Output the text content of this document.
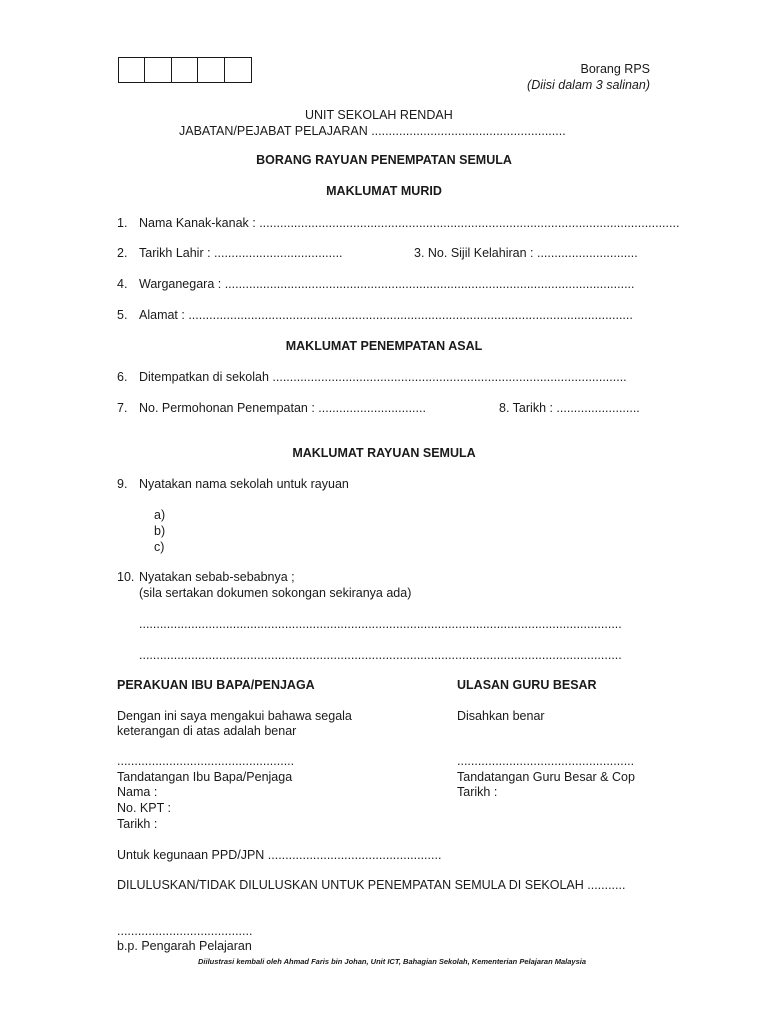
Borang RPS
(Diisi dalam 3 salinan)
UNIT SEKOLAH RENDAH
JABATAN/PEJABAT PELAJARAN ........................................................
BORANG RAYUAN PENEMPATAN SEMULA
MAKLUMAT MURID
1. Nama Kanak-kanak : .........................................................................................................................
2. Tarikh Lahir : .....................................	3. No. Sijil Kelahiran : .............................
4. Warganegara : ......................................................................................................................
5. Alamat : ................................................................................................................................
MAKLUMAT PENEMPATAN ASAL
6. Ditempatkan di sekolah ......................................................................................................
7. No. Permohonan Penempatan : ...............................	8. Tarikh : ........................
MAKLUMAT RAYUAN SEMULA
9. Nyatakan nama sekolah untuk rayuan
a)
b)
c)
10. Nyatakan sebab-sebabnya ;
(sila sertakan dokumen sokongan sekiranya ada)
...........................................................................................................................................
...........................................................................................................................................
PERAKUAN IBU BAPA/PENJAGA
Dengan ini saya mengakui bahawa segala
keterangan di atas adalah benar
...................................................
Tandatangan Ibu Bapa/Penjaga
Nama :
No. KPT :
Tarikh :
ULASAN GURU BESAR
Disahkan benar
...................................................
Tandatangan Guru Besar & Cop
Tarikh :
Untuk kegunaan PPD/JPN ..................................................
DILULUSKAN/TIDAK DILULUSKAN UNTUK PENEMPATAN SEMULA DI SEKOLAH ...........
.......................................
b.p. Pengarah Pelajaran
Diilustrasi kembali oleh Ahmad Faris bin Johan, Unit ICT, Bahagian Sekolah, Kementerian Pelajaran Malaysia
